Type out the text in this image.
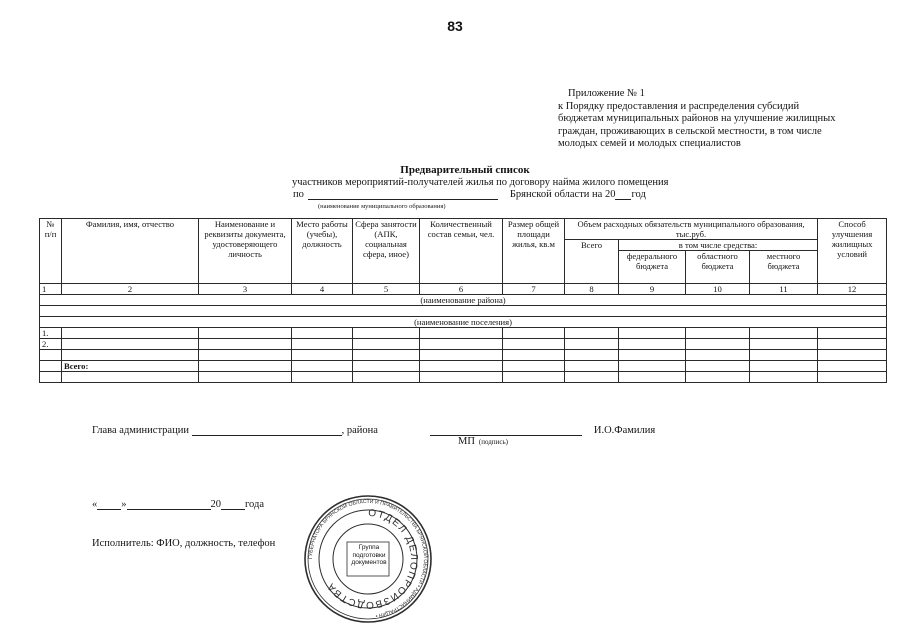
83
Приложение № 1
к Порядку предоставления и распределения субсидий
бюджетам муниципальных районов на улучшение жилищных
граждан, проживающих в сельской местности, в том числе
молодых семей и молодых специалистов
Предварительный список
участников мероприятий-получателей жилья по договору найма жилого помещения
по	Брянской области на 20 год
(наименование муниципального образования)
№ п/п	Фамилия, имя, отчество	Наименование и реквизиты документа, удостоверяющего личность	Место работы (учебы), должность	Сфера занятости (АПК, социальная сфера, иное)	Количественный состав семьи, чел.	Размер общей площади жилья, кв.м	Объем расходных обязательств муниципального образования, тыс.руб.				Способ улучшения жилищных условий
							Всего	в том числе средства:			
								федерального бюджета	областного бюджета	местного бюджета	
1	2	3	4	5	6	7	8	9	10	11	12
(наименование района)											

(наименование поселения)											
1.											
2.											

	Всего:										

Глава администрации	, района	И.О.Фамилия
МП (подпись)
« »	20 года
Исполнитель: ФИО, должность, телефон
ГУБЕРНАТОРА БРЯНСКОЙ ОБЛАСТИ И ПРАВИТЕЛЬСТВА БРЯНСКОЙ ОБЛАСТИ • АДМИНИСТРАЦИЯ •
ОТДЕЛ ДЕЛОПРОИЗВОДСТВА
Группа
подготовки
документов
